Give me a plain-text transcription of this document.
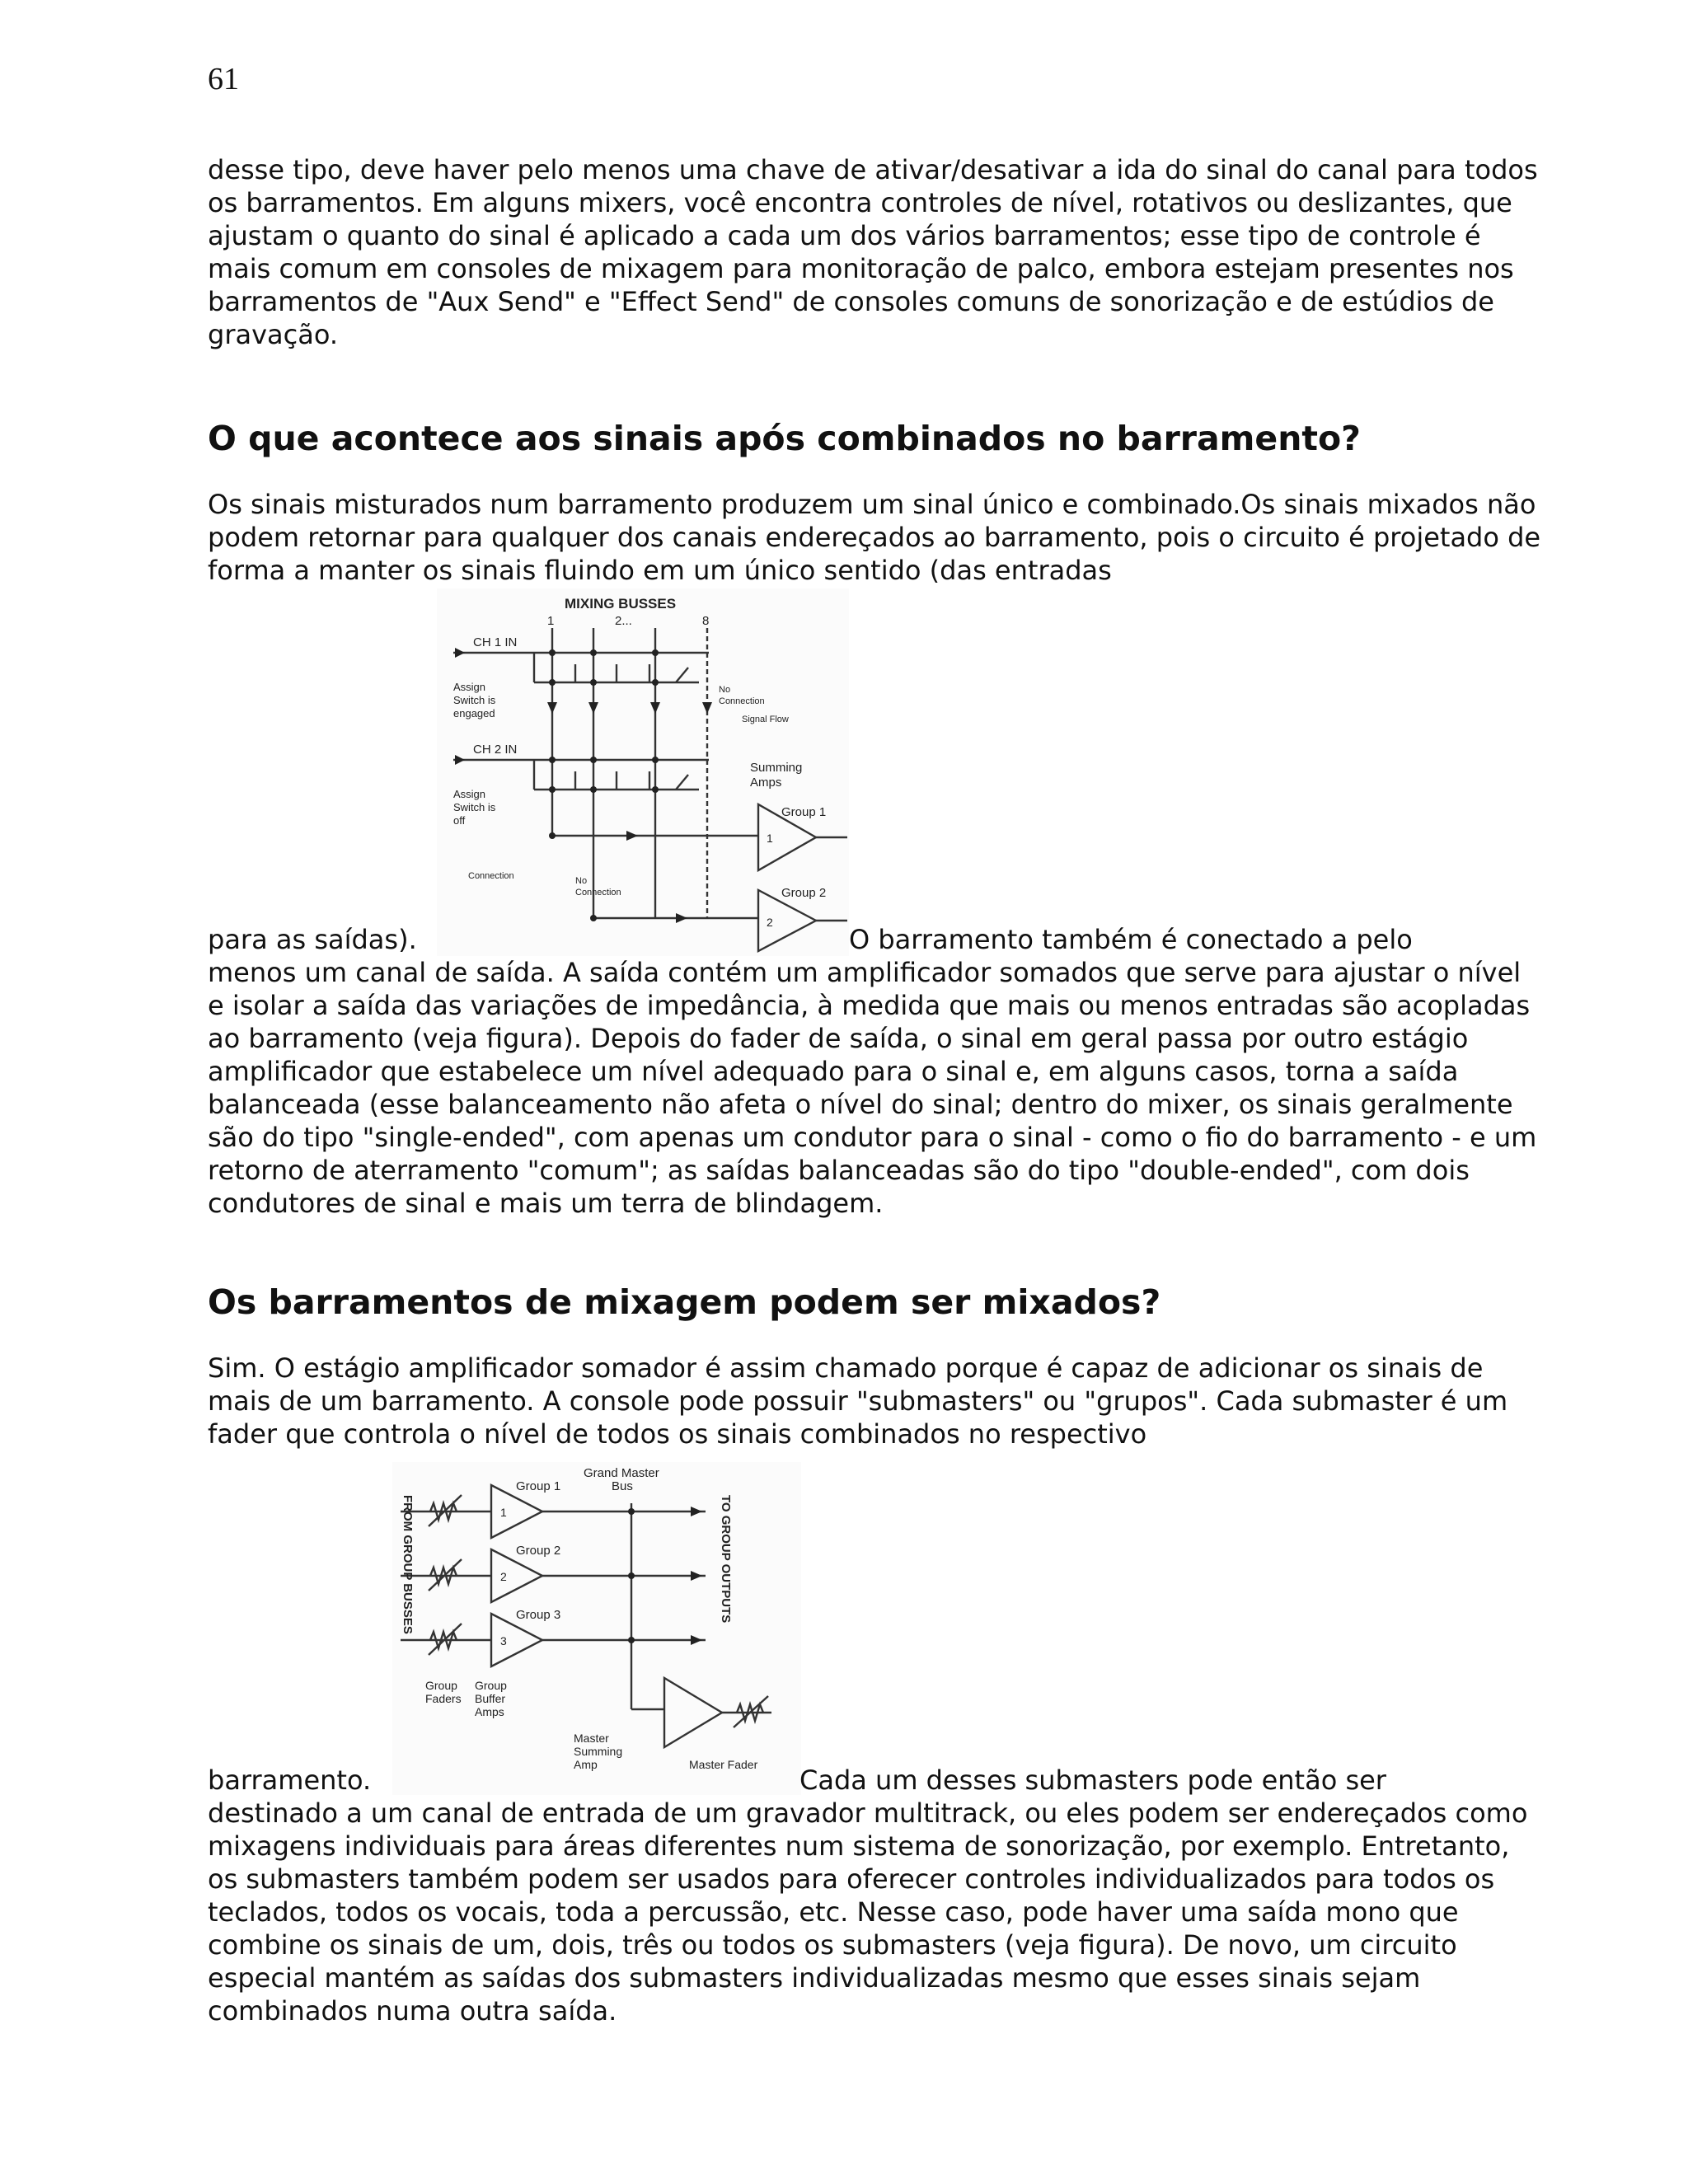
61

desse tipo, deve haver pelo menos uma chave de ativar/desativar a ida do sinal do canal para todos os barramentos. Em alguns mixers, você encontra controles de nível, rotativos ou deslizantes, que ajustam o quanto do sinal é aplicado a cada um dos vários barramentos; esse tipo de controle é mais comum em consoles de mixagem para monitoração de palco, embora estejam presentes nos barramentos de "Aux Send" e "Effect Send" de consoles comuns de sonorização e de estúdios de gravação.

O que acontece aos sinais após combinados no barramento?

Os sinais misturados num barramento produzem um sinal único e combinado.Os sinais mixados não podem retornar para qualquer dos canais endereçados ao barramento, pois o circuito é projetado de forma a manter os sinais fluindo em um único sentido (das entradas

para as saídas).
MIXING BUSSES
1	2...	8
CH 1 IN
CH 2 IN
Assign
Switch is
engaged
Assign
Switch is
off
No
Connection
Signal Flow
Summing
Amps
Group 1
Group 2
1
2
Connection	No
Connection
O barramento também é conectado a pelo

menos um canal de saída. A saída contém um amplificador somados que serve para ajustar o nível e isolar a saída das variações de impedância, à medida que mais ou menos entradas são acopladas ao barramento (veja figura). Depois do fader de saída, o sinal em geral passa por outro estágio amplificador que estabelece um nível adequado para o sinal e, em alguns casos, torna a saída balanceada (esse balanceamento não afeta o nível do sinal; dentro do mixer, os sinais geralmente são do tipo "single-ended", com apenas um condutor para o sinal - como o fio do barramento - e um retorno de aterramento "comum"; as saídas balanceadas são do tipo "double-ended", com dois condutores de sinal e mais um terra de blindagem.

Os barramentos de mixagem podem ser mixados?

Sim. O estágio amplificador somador é assim chamado porque é capaz de adicionar os sinais de mais de um barramento. A console pode possuir "submasters" ou "grupos". Cada submaster é um fader que controla o nível de todos os sinais combinados no respectivo

barramento.
Grand Master
Bus
Group 1
Group 2
Group 3
1
2
3
FROM GROUP BUSSES	TO GROUP OUTPUTS
Group
Faders
Group
Buffer
Amps
Master
Summing
Amp	Master Fader Cada um desses submasters pode então ser

destinado a um canal de entrada de um gravador multitrack, ou eles podem ser endereçados como mixagens individuais para áreas diferentes num sistema de sonorização, por exemplo. Entretanto, os submasters também podem ser usados para oferecer controles individualizados para todos os teclados, todos os vocais, toda a percussão, etc. Nesse caso, pode haver uma saída mono que combine os sinais de um, dois, três ou todos os submasters (veja figura). De novo, um circuito especial mantém as saídas dos submasters individualizadas mesmo que esses sinais sejam combinados numa outra saída.
